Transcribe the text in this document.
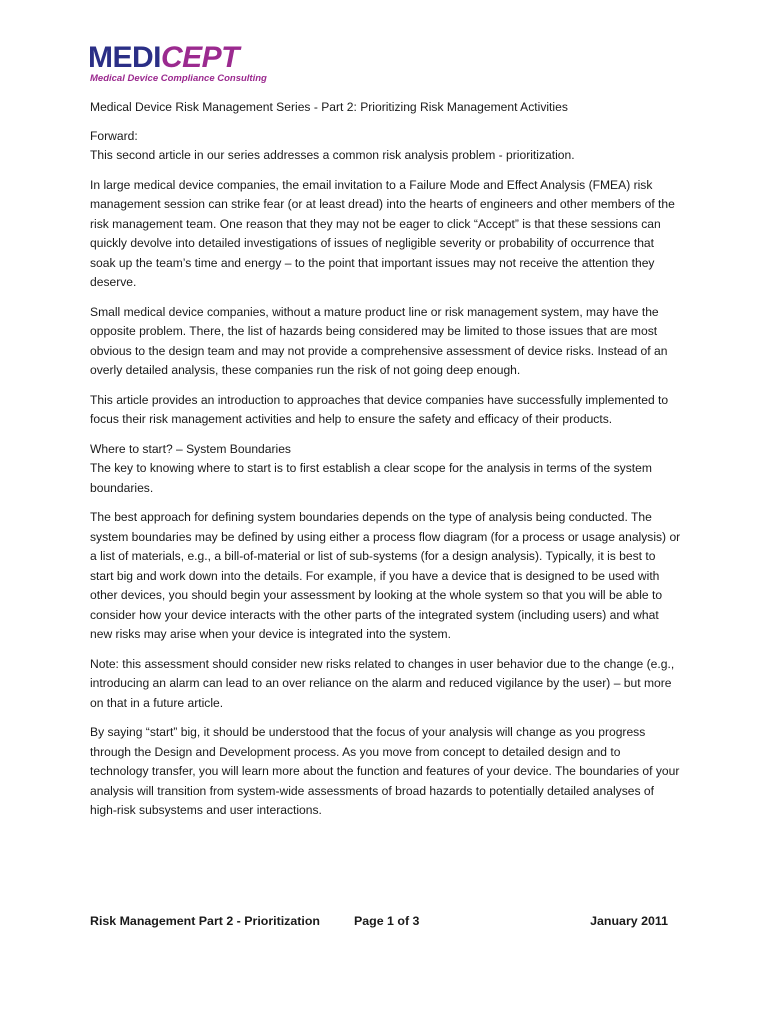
MEDICEPT
Medical Device Compliance Consulting
Medical Device Risk Management Series - Part 2: Prioritizing Risk Management Activities
Forward:
This second article in our series addresses a common risk analysis problem - prioritization.
In large medical device companies, the email invitation to a Failure Mode and Effect Analysis (FMEA) risk management session can strike fear (or at least dread) into the hearts of engineers and other members of the risk management team. One reason that they may not be eager to click “Accept” is that these sessions can quickly devolve into detailed investigations of issues of negligible severity or probability of occurrence that soak up the team’s time and energy – to the point that important issues may not receive the attention they deserve.
Small medical device companies, without a mature product line or risk management system, may have the opposite problem. There, the list of hazards being considered may be limited to those issues that are most obvious to the design team and may not provide a comprehensive assessment of device risks. Instead of an overly detailed analysis, these companies run the risk of not going deep enough.
This article provides an introduction to approaches that device companies have successfully implemented to focus their risk management activities and help to ensure the safety and efficacy of their products.
Where to start? – System Boundaries
The key to knowing where to start is to first establish a clear scope for the analysis in terms of the system boundaries.
The best approach for defining system boundaries depends on the type of analysis being conducted. The system boundaries may be defined by using either a process flow diagram (for a process or usage analysis) or a list of materials, e.g., a bill-of-material or list of sub-systems (for a design analysis). Typically, it is best to start big and work down into the details. For example, if you have a device that is designed to be used with other devices, you should begin your assessment by looking at the whole system so that you will be able to consider how your device interacts with the other parts of the integrated system (including users) and what new risks may arise when your device is integrated into the system.
Note: this assessment should consider new risks related to changes in user behavior due to the change (e.g., introducing an alarm can lead to an over reliance on the alarm and reduced vigilance by the user) – but more on that in a future article.
By saying “start” big, it should be understood that the focus of your analysis will change as you progress through the Design and Development process. As you move from concept to detailed design and to technology transfer, you will learn more about the function and features of your device. The boundaries of your analysis will transition from system-wide assessments of broad hazards to potentially detailed analyses of high-risk subsystems and user interactions.
Risk Management Part 2 - Prioritization	Page 1 of 3	January 2011
